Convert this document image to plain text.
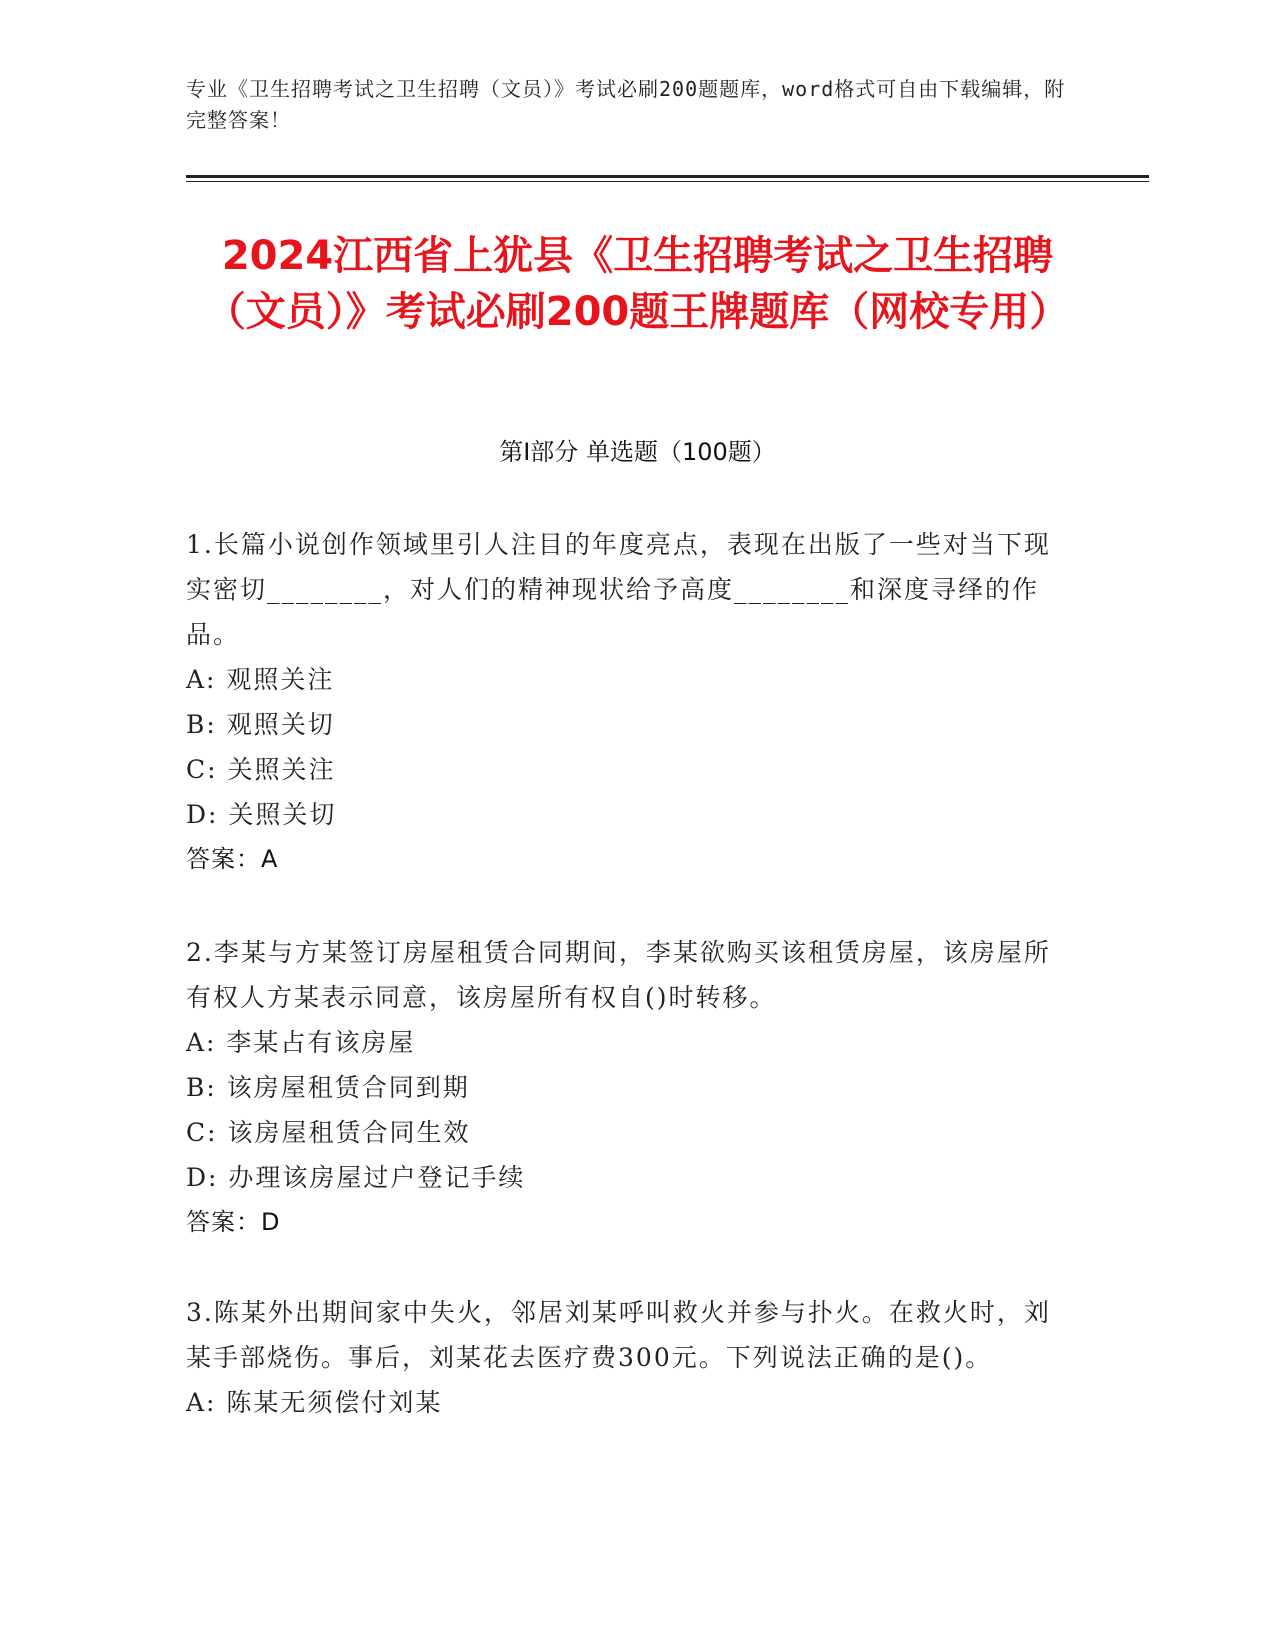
专业《卫生招聘考试之卫生招聘（文员）》考试必刷200题题库，word格式可自由下载编辑，附完整答案！
2024江西省上犹县《卫生招聘考试之卫生招聘（文员）》考试必刷200题王牌题库（网校专用）
第I部分 单选题（100题）
1.长篇小说创作领域里引人注目的年度亮点，表现在出版了一些对当下现实密切________，对人们的精神现状给予高度________和深度寻绎的作品。
A: 观照关注
B: 观照关切
C: 关照关注
D: 关照关切
答案：A
2.李某与方某签订房屋租赁合同期间，李某欲购买该租赁房屋，该房屋所有权人方某表示同意，该房屋所有权自()时转移。
A: 李某占有该房屋
B: 该房屋租赁合同到期
C: 该房屋租赁合同生效
D: 办理该房屋过户登记手续
答案：D
3.陈某外出期间家中失火，邻居刘某呼叫救火并参与扑火。在救火时，刘某手部烧伤。事后，刘某花去医疗费300元。下列说法正确的是()。
A: 陈某无须偿付刘某
